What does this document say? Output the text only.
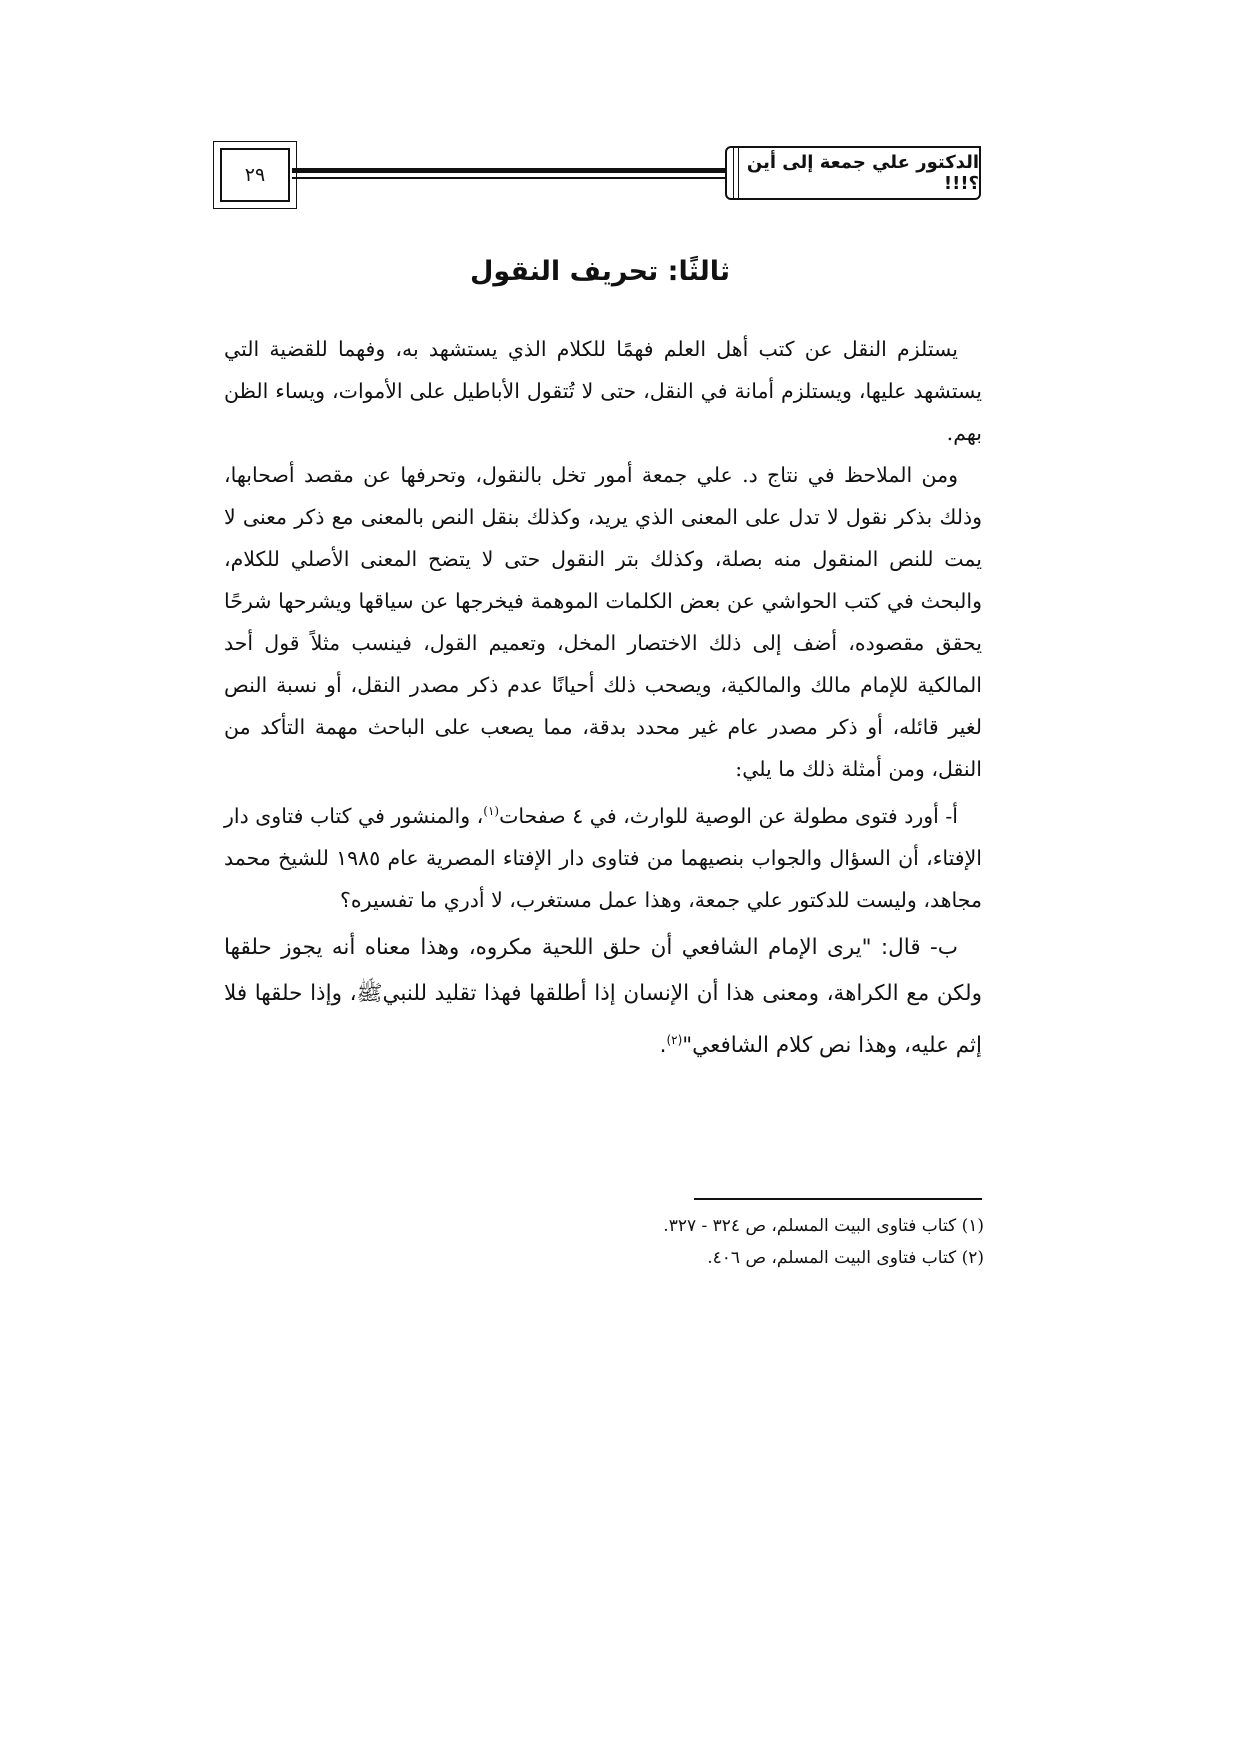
٢٩
الدكتور علي جمعة إلى أين ؟!!!
ثالثًا: تحريف النقول

يستلزم النقل عن كتب أهل العلم فهمًا للكلام الذي يستشهد به، وفهما للقضية التي يستشهد عليها، ويستلزم أمانة في النقل، حتى لا تُتقول الأباطيل على الأموات، ويساء الظن بهم.

ومن الملاحظ في نتاج د. علي جمعة أمور تخل بالنقول، وتحرفها عن مقصد أصحابها، وذلك بذكر نقول لا تدل على المعنى الذي يريد، وكذلك بنقل النص بالمعنى مع ذكر معنى لا يمت للنص المنقول منه بصلة، وكذلك بتر النقول حتى لا يتضح المعنى الأصلي للكلام، والبحث في كتب الحواشي عن بعض الكلمات الموهمة فيخرجها عن سياقها ويشرحها شرحًا يحقق مقصوده، أضف إلى ذلك الاختصار المخل، وتعميم القول، فينسب مثلاً قول أحد المالكية للإمام مالك والمالكية، ويصحب ذلك أحيانًا عدم ذكر مصدر النقل، أو نسبة النص لغير قائله، أو ذكر مصدر عام غير محدد بدقة، مما يصعب على الباحث مهمة التأكد من النقل، ومن أمثلة ذلك ما يلي:

أ- أورد فتوى مطولة عن الوصية للوارث، في ٤ صفحات$^{(١)}$، والمنشور في كتاب فتاوى دار الإفتاء، أن السؤال والجواب بنصيهما من فتاوى دار الإفتاء المصرية عام ١٩٨٥ للشيخ محمد مجاهد، وليست للدكتور علي جمعة، وهذا عمل مستغرب، لا أدري ما تفسيره؟

ب- قال: "يرى الإمام الشافعي أن حلق اللحية مكروه، وهذا معناه أنه يجوز حلقها ولكن مع الكراهة، ومعنى هذا أن الإنسان إذا أطلقها فهذا تقليد للنبيﷺ، وإذا حلقها فلا إثم عليه، وهذا نص كلام الشافعي"$^{(٢)}$.

(١) كتاب فتاوى البيت المسلم، ص ٣٢٤ - ٣٢٧.

(٢) كتاب فتاوى البيت المسلم، ص ٤٠٦.
